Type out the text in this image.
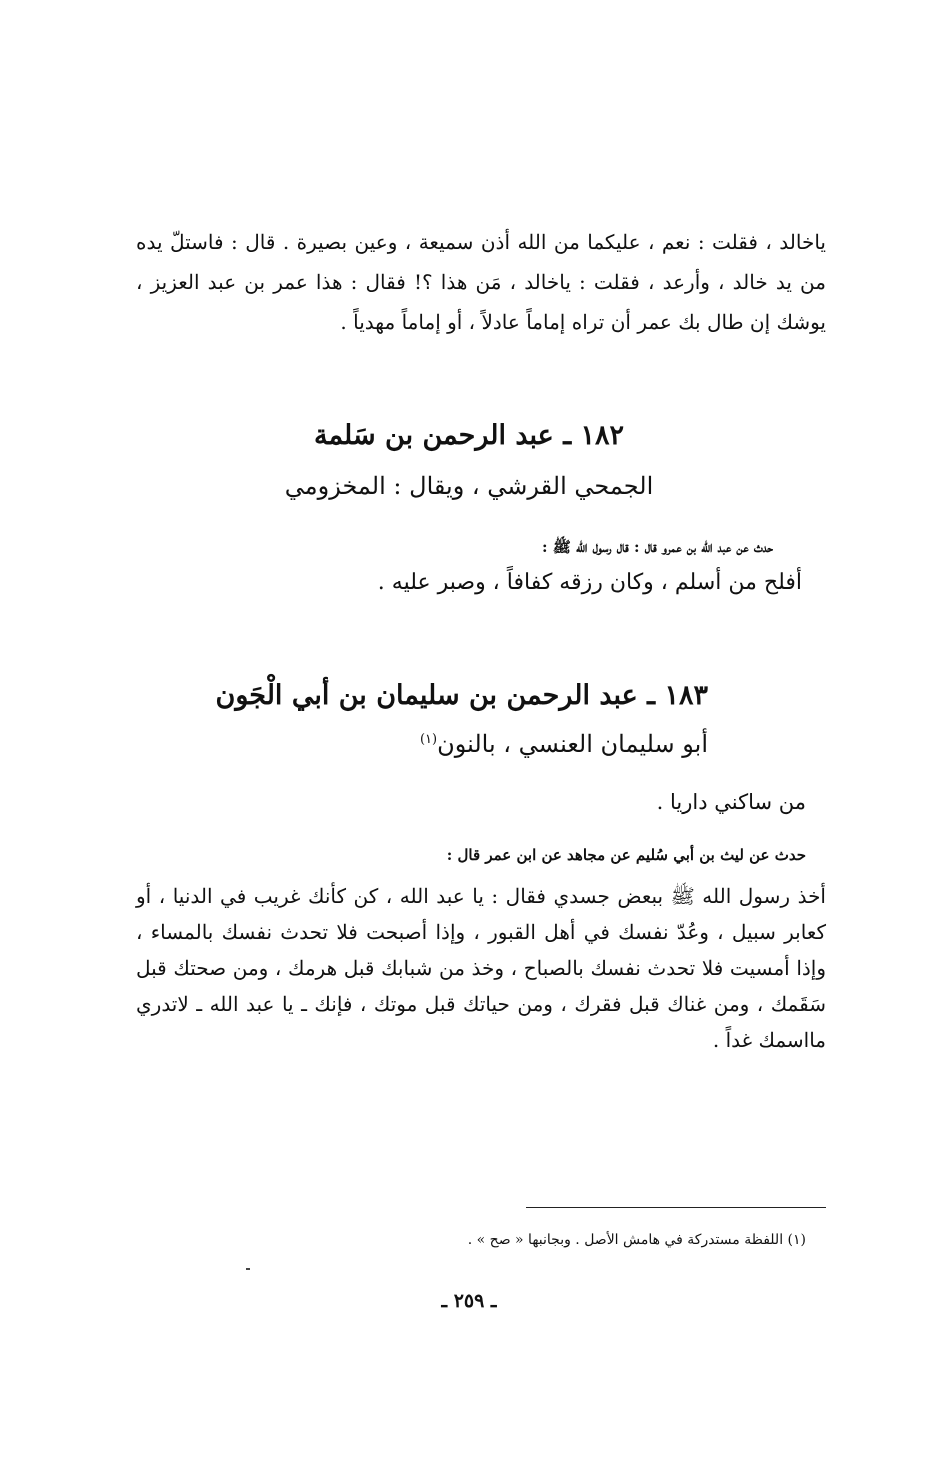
ياخالد ، فقلت : نعم ، عليكما من الله أذن سميعة ، وعين بصيرة . قال : فاستلّ يده من يد خالد ، وأرعد ، فقلت : ياخالد ، مَن هذا ؟! فقال : هذا عمر بن عبد العزيز ، يوشك إن طال بك عمر أن تراه إماماً عادلاً ، أو إماماً مهدياً .
١٨٢ ـ عبد الرحمن بن سَلمة
الجمحي القرشي ، ويقال : المخزومي
حدث عن عبد الله بن عمرو قال : قال رسول الله ﷺ :
أفلح من أسلم ، وكان رزقه كفافاً ، وصبر عليه .
١٨٣ ـ عبد الرحمن بن سليمان بن أبي الْجَون
أبو سليمان العنسي ، بالنون$^{(١)}$
من ساكني داريا .
حدث عن ليث بن أبي سُليم عن مجاهد عن ابن عمر قال :
أخذ رسول الله ﷺ ببعض جسدي فقال : يا عبد الله ، كن كأنك غريب في الدنيا ، أو كعابر سبيل ، وعُدّ نفسك في أهل القبور ، وإذا أصبحت فلا تحدث نفسك بالمساء ، وإذا أمسيت فلا تحدث نفسك بالصباح ، وخذ من شبابك قبل هرمك ، ومن صحتك قبل سَقَمك ، ومن غناك قبل فقرك ، ومن حياتك قبل موتك ، فإنك ـ يا عبد الله ـ لاتدري مااسمك غداً .
(١) اللفظة مستدركة في هامش الأصل . وبجانبها « صح » .
ـ ٢٥٩ ـ
